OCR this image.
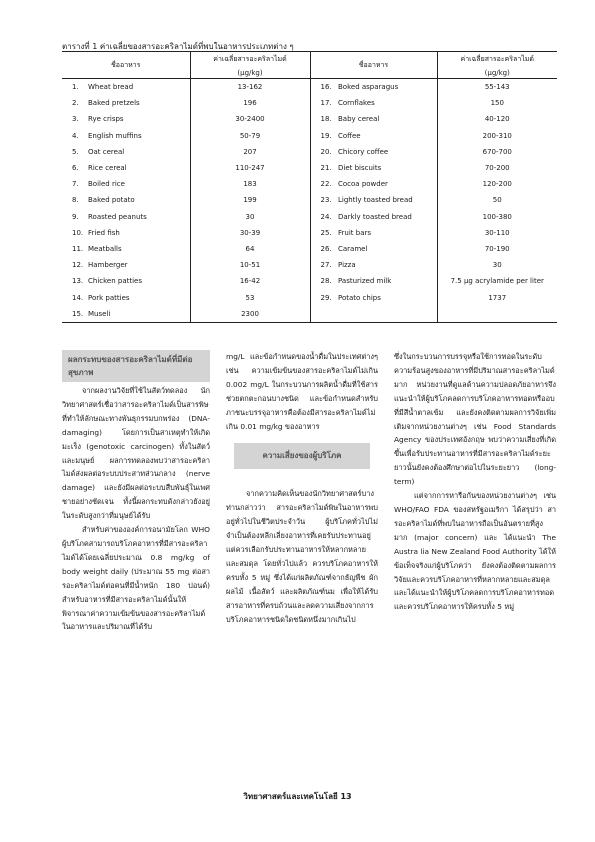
ตารางที่ 1 ค่าเฉลี่ยของสารอะคริลาไมด์ที่พบในอาหารประเภทต่าง ๆ
ชื่ออาหาร		ค่าเฉลี่ยสารอะคริลาไมด์
(μg/kg)	ชื่ออาหาร		ค่าเฉลี่ยสารอะคริลาไมด์
(μg/kg)

1.	Wheat bread	13-162	16.	Boked asparagus	55-143
2.	Baked pretzels	196	17.	Cornflakes	150
3.	Rye crisps	30-2400	18.	Baby cereal	40-120
4.	English muffins	50-79	19.	Coffee	200-310
5.	Oat cereal	207	20.	Chicory coffee	670-700
6.	Rice cereal	110-247	21.	Diet biscuits	70-200
7.	Boiled rice	183	22.	Cocoa powder	120-200
8.	Baked potato	199	23.	Lightly toasted bread	50
9.	Roasted peanuts	30	24.	Darkly toasted bread	100-380
10.	Fried fish	30-39	25.	Fruit bars	30-110
11.	Meatballs	64	26.	Caramel	70-190
12.	Hamberger	10-51	27.	Pizza	30
13.	Chicken patties	16-42	28.	Pasturized milk	7.5 μg acrylamide per liter
14.	Pork patties	53	29.	Potato chips	1737
15.	Museli	2300			
ผลกระทบของสารอะคริลาไมด์ที่มีต่อสุขภาพ

จากผลงานวิจัยที่ใช้ในสัตว์ทดลอง นักวิทยาศาสตร์เชื่อว่าสารอะคริลาไมด์เป็นสารพิษที่ทำให้ลักษณะทางพันธุกรรมบกพร่อง (DNA-damaging) โดยการเป็นสาเหตุทำให้เกิดมะเร็ง (genotoxic carcinogen) ทั้งในสัตว์และมนุษย์ ผลการทดลองพบว่าสารอะคริลาไมด์ส่งผลต่อระบบประสาทส่วนกลาง (nerve damage) และยังมีผลต่อระบบสืบพันธุ์ในเพศชายอย่างชัดเจน ทั้งนี้ผลกระทบดังกล่าวยังอยู่ในระดับสูงกว่าที่มนุษย์ได้รับ

สำหรับค่าขององค์การอนามัยโลก WHO ผู้บริโภคสามารถบริโภคอาหารที่มีสารอะคริลาไมด์ได้โดยเฉลี่ยประมาณ 0.8 mg/kg of body weight daily (ประมาณ 55 mg ต่อสารอะคริลาไมด์ต่อคนที่มีน้ำหนัก 180 ปอนด์) สำหรับอาหารที่มีสารอะคริลาไมด์นั้นให้พิจารณาค่าความเข้มข้นของสารอะคริลาไมด์ในอาหารและปริมาณที่ได้รับ

mg/L และข้อกำหนดของน้ำดื่มในประเทศต่างๆ เช่น ความเข้มข้นของสารอะคริลาไมด์ไม่เกิน 0.002 mg/L ในกระบวนการผลิตน้ำดื่มที่ใช้สารช่วยตกตะกอนบางชนิด และข้อกำหนดสำหรับภาชนะบรรจุอาหารคือต้องมีสารอะคริลาไมด์ไม่เกิน 0.01 mg/kg ของอาหาร

ความเสี่ยงของผู้บริโภค

จากความคิดเห็นของนักวิทยาศาสตร์บางท่านกล่าวว่า สารอะคริลาไมด์พิษในอาหารพบอยู่ทั่วไปในชีวิตประจำวัน ผู้บริโภคทั่วไปไม่จำเป็นต้องหลีกเลี่ยงอาหารที่เคยรับประทานอยู่ แต่ควรเลือกรับประทานอาหารให้หลากหลายและสมดุล โดยทั่วไปแล้ว ควรบริโภคอาหารให้ครบทั้ง 5 หมู่ ซึ่งได้แก่ผลิตภัณฑ์จากธัญพืช ผัก ผลไม้ เนื้อสัตว์ และผลิตภัณฑ์นม เพื่อให้ได้รับสารอาหารที่ครบถ้วนและลดความเสี่ยงจากการบริโภคอาหารชนิดใดชนิดหนึ่งมากเกินไป

ซึ่งในกระบวนการบรรจุหรือใช้การทอดในระดับความร้อนสูงของอาหารที่มีปริมาณสารอะคริลาไมด์มาก หน่วยงานที่ดูแลด้านความปลอดภัยอาหารจึงแนะนำให้ผู้บริโภคลดการบริโภคอาหารทอดหรืออบที่มีสีน้ำตาลเข้ม และยังคงติดตามผลการวิจัยเพิ่มเติมจากหน่วยงานต่างๆ เช่น Food Standards Agency ของประเทศอังกฤษ พบว่าความเสี่ยงที่เกิดขึ้นเพื่อรับประทานอาหารที่มีสารอะคริลาไมด์ระยะยาวนั้นยังคงต้องศึกษาต่อไปในระยะยาว (long-term)

แต่จากการหารือกันของหน่วยงานต่างๆ เช่น WHO/FAO FDA ของสหรัฐอเมริกา ได้สรุปว่า สารอะคริลาไมด์ที่พบในอาหารถือเป็นอันตรายที่สูงมาก (major concern) และ ได้แนะนำ The Austra lia New Zealand Food Authority ได้ให้ข้อเท็จจริงแก่ผู้บริโภคว่า ยังคงต้องติดตามผลการวิจัยและควรบริโภคอาหารที่หลากหลายและสมดุล และได้แนะนำให้ผู้บริโภคลดการบริโภคอาหารทอดและควรบริโภคอาหารให้ครบทั้ง 5 หมู่

วิทยาศาสตร์และเทคโนโลยี 13
